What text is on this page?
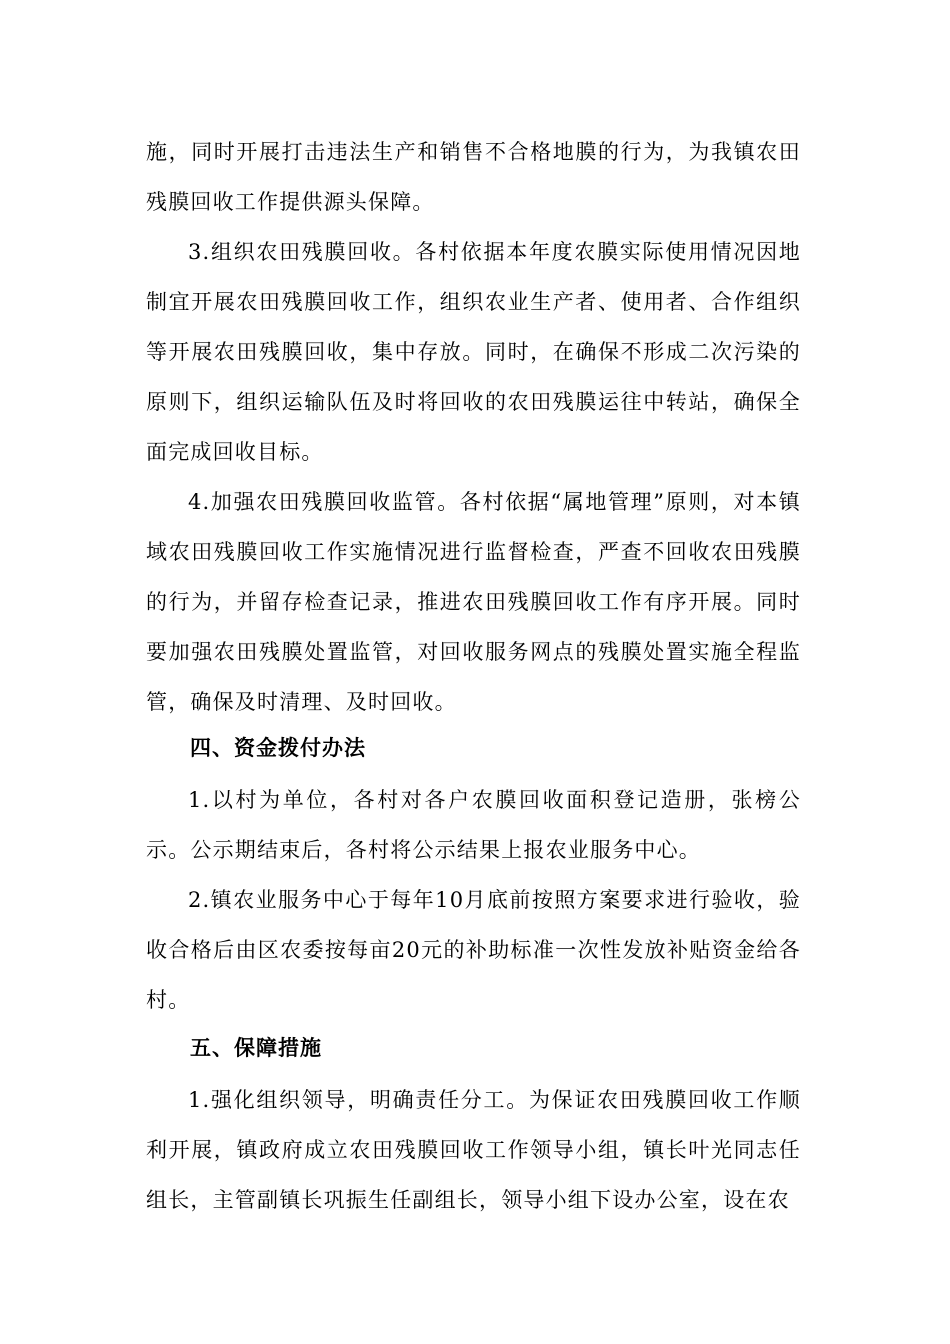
施，同时开展打击违法生产和销售不合格地膜的行为，为我镇农田残膜回收工作提供源头保障。

3.组织农田残膜回收。各村依据本年度农膜实际使用情况因地制宜开展农田残膜回收工作，组织农业生产者、使用者、合作组织等开展农田残膜回收，集中存放。同时，在确保不形成二次污染的原则下，组织运输队伍及时将回收的农田残膜运往中转站，确保全面完成回收目标。

4.加强农田残膜回收监管。各村依据“属地管理”原则，对本镇域农田残膜回收工作实施情况进行监督检查，严查不回收农田残膜的行为，并留存检查记录，推进农田残膜回收工作有序开展。同时要加强农田残膜处置监管，对回收服务网点的残膜处置实施全程监管，确保及时清理、及时回收。

四、资金拨付办法

1.以村为单位，各村对各户农膜回收面积登记造册，张榜公示。公示期结束后，各村将公示结果上报农业服务中心。

2.镇农业服务中心于每年10月底前按照方案要求进行验收，验收合格后由区农委按每亩20元的补助标准一次性发放补贴资金给各村。

五、保障措施

1.强化组织领导，明确责任分工。为保证农田残膜回收工作顺利开展，镇政府成立农田残膜回收工作领导小组，镇长叶光同志任组长，主管副镇长巩振生任副组长，领导小组下设办公室，设在农
